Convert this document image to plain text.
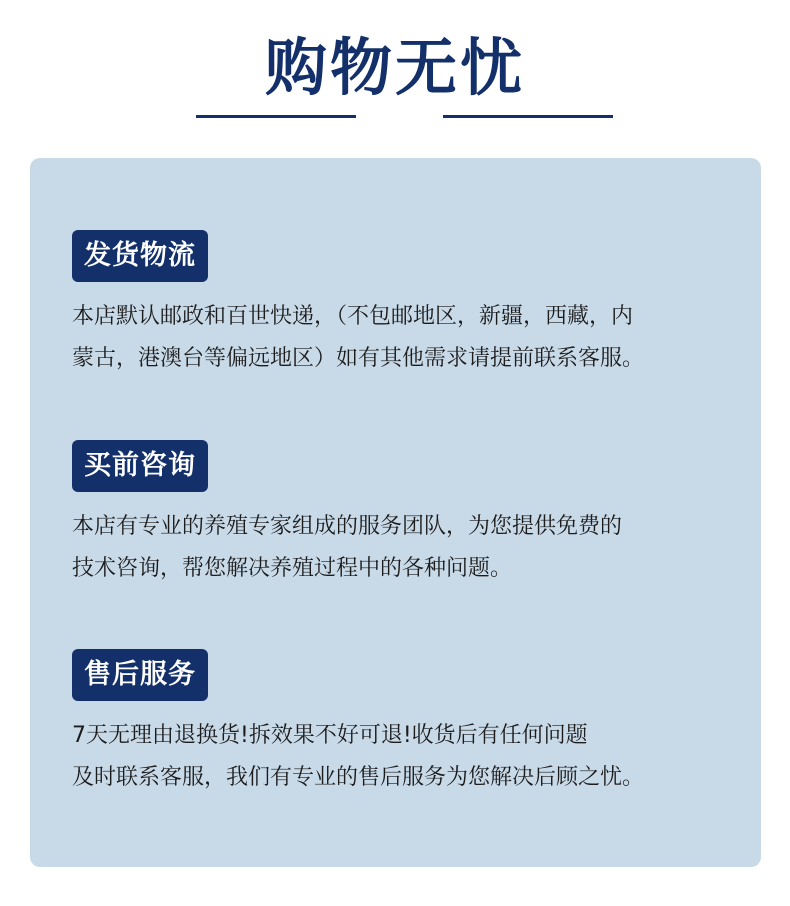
购物无忧
发货物流
本店默认邮政和百世快递，（不包邮地区，新疆，西藏，内
蒙古，港澳台等偏远地区）如有其他需求请提前联系客服。
买前咨询
本店有专业的养殖专家组成的服务团队，为您提供免费的
技术咨询，帮您解决养殖过程中的各种问题。
售后服务
7天无理由退换货!拆效果不好可退!收货后有任何问题
及时联系客服，我们有专业的售后服务为您解决后顾之忧。
